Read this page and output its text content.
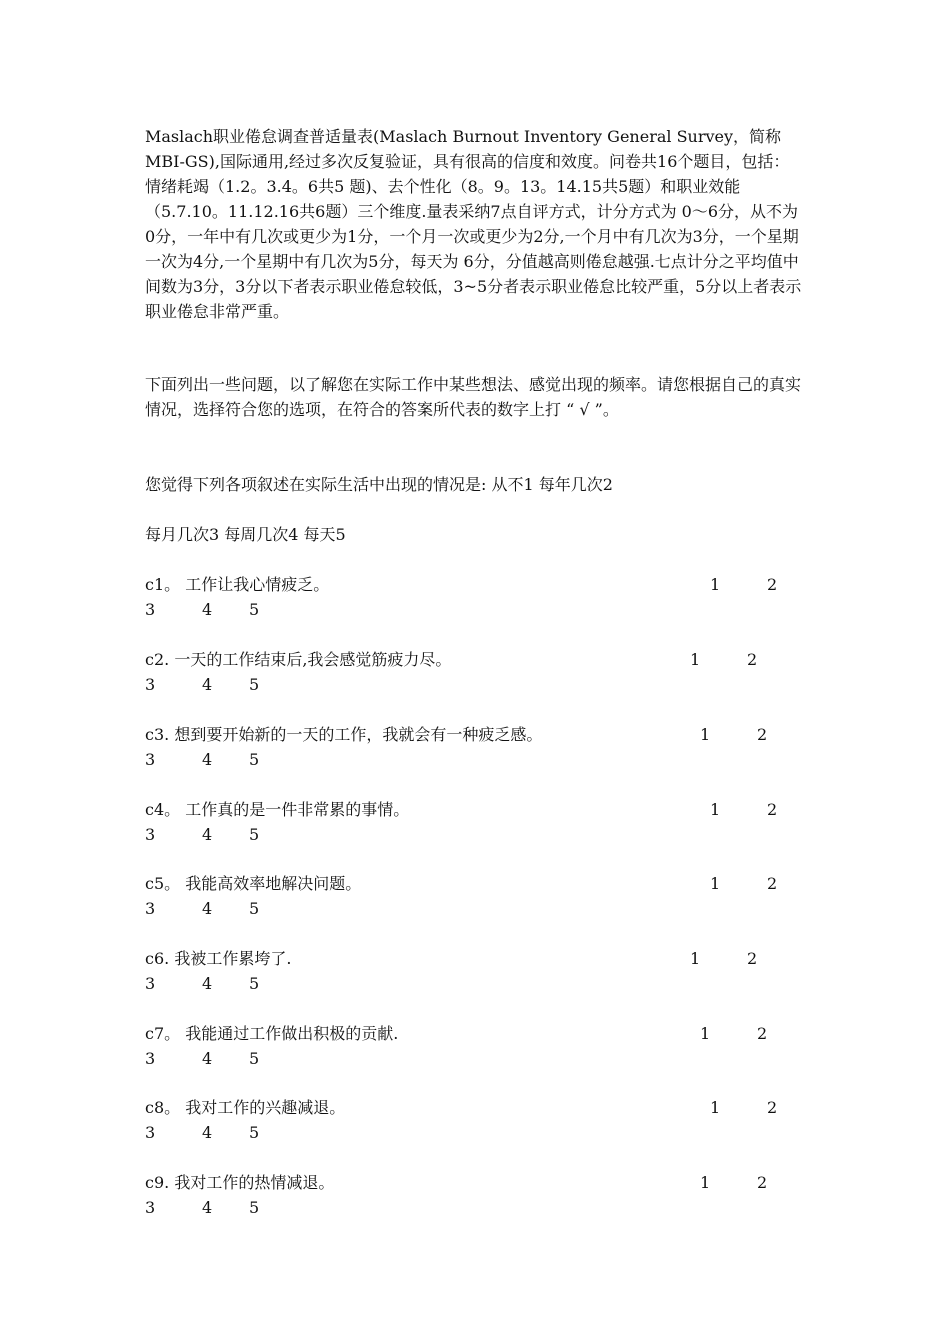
Maslach职业倦怠调查普适量表(Maslach Burnout Inventory General Survey，简称MBI-GS),国际通用,经过多次反复验证，具有很高的信度和效度。问卷共16个题目，包括：情绪耗竭（1.2。3.4。6共5 题)、去个性化（8。9。13。14.15共5题）和职业效能（5.7.10。11.12.16共6题）三个维度.量表采纳7点自评方式，计分方式为 0～6分，从不为0分，一年中有几次或更少为1分，一个月一次或更少为2分,一个月中有几次为3分，一个星期一次为4分,一个星期中有几次为5分，每天为 6分，分值越高则倦怠越强.七点计分之平均值中间数为3分，3分以下者表示职业倦怠较低，3~5分者表示职业倦怠比较严重，5分以上者表示职业倦怠非常严重。

下面列出一些问题，以了解您在实际工作中某些想法、感觉出现的频率。请您根据自己的真实情况，选择符合您的选项，在符合的答案所代表的数字上打 “ √ ”。

您觉得下列各项叙述在实际生活中出现的情况是: 从不1 每年几次2
每月几次3 每周几次4 每天5
c1。 工作让我心情疲乏。	1	2
3	4 5
c2. 一天的工作结束后,我会感觉筋疲力尽。	1	2
3	4 5
c3. 想到要开始新的一天的工作，我就会有一种疲乏感。	1	2
3	4 5
c4。 工作真的是一件非常累的事情。	1	2
3	4 5
c5。 我能高效率地解决问题。	1	2
3	4 5
c6. 我被工作累垮了.	1	2
3	4 5
c7。 我能通过工作做出积极的贡献.	1	2
3	4 5
c8。 我对工作的兴趣减退。	1	2
3	4 5
c9. 我对工作的热情减退。	1	2
3	4 5
